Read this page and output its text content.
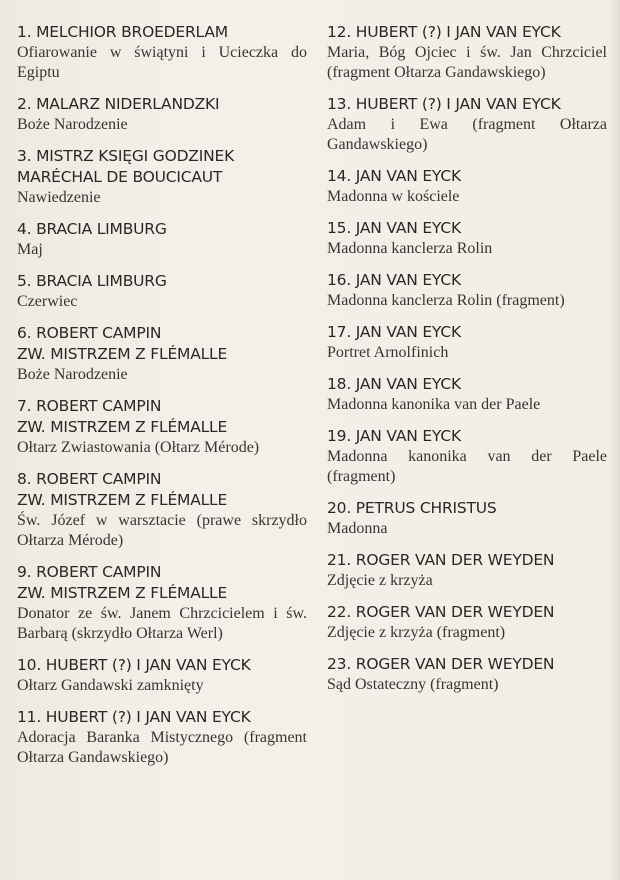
1. MELCHIOR BROEDERLAM
Ofiarowanie w świątyni i Ucieczka do Egiptu
2. MALARZ NIDERLANDZKI
Boże Narodzenie
3. MISTRZ KSIĘGI GODZINEK
MARÉCHAL DE BOUCICAUT
Nawiedzenie
4. BRACIA LIMBURG
Maj
5. BRACIA LIMBURG
Czerwiec
6. ROBERT CAMPIN
ZW. MISTRZEM Z FLÉMALLE
Boże Narodzenie
7. ROBERT CAMPIN
ZW. MISTRZEM Z FLÉMALLE
Ołtarz Zwiastowania (Ołtarz Mérode)
8. ROBERT CAMPIN
ZW. MISTRZEM Z FLÉMALLE
Św. Józef w warsztacie (prawe skrzydło Ołtarza Mérode)
9. ROBERT CAMPIN
ZW. MISTRZEM Z FLÉMALLE
Donator ze św. Janem Chrzcicielem i św. Barbarą (skrzydło Ołtarza Werl)
10. HUBERT (?) I JAN VAN EYCK
Ołtarz Gandawski zamknięty
11. HUBERT (?) I JAN VAN EYCK
Adoracja Baranka Mistycznego (fragment Ołtarza Gandawskiego)
12. HUBERT (?) I JAN VAN EYCK
Maria, Bóg Ojciec i św. Jan Chrzciciel (fragment Ołtarza Gandawskiego)
13. HUBERT (?) I JAN VAN EYCK
Adam i Ewa (fragment Ołtarza Gandawskiego)
14. JAN VAN EYCK
Madonna w kościele
15. JAN VAN EYCK
Madonna kanclerza Rolin
16. JAN VAN EYCK
Madonna kanclerza Rolin (fragment)
17. JAN VAN EYCK
Portret Arnolfinich
18. JAN VAN EYCK
Madonna kanonika van der Paele
19. JAN VAN EYCK
Madonna kanonika van der Paele (fragment)
20. PETRUS CHRISTUS
Madonna
21. ROGER VAN DER WEYDEN
Zdjęcie z krzyża
22. ROGER VAN DER WEYDEN
Zdjęcie z krzyża (fragment)
23. ROGER VAN DER WEYDEN
Sąd Ostateczny (fragment)
